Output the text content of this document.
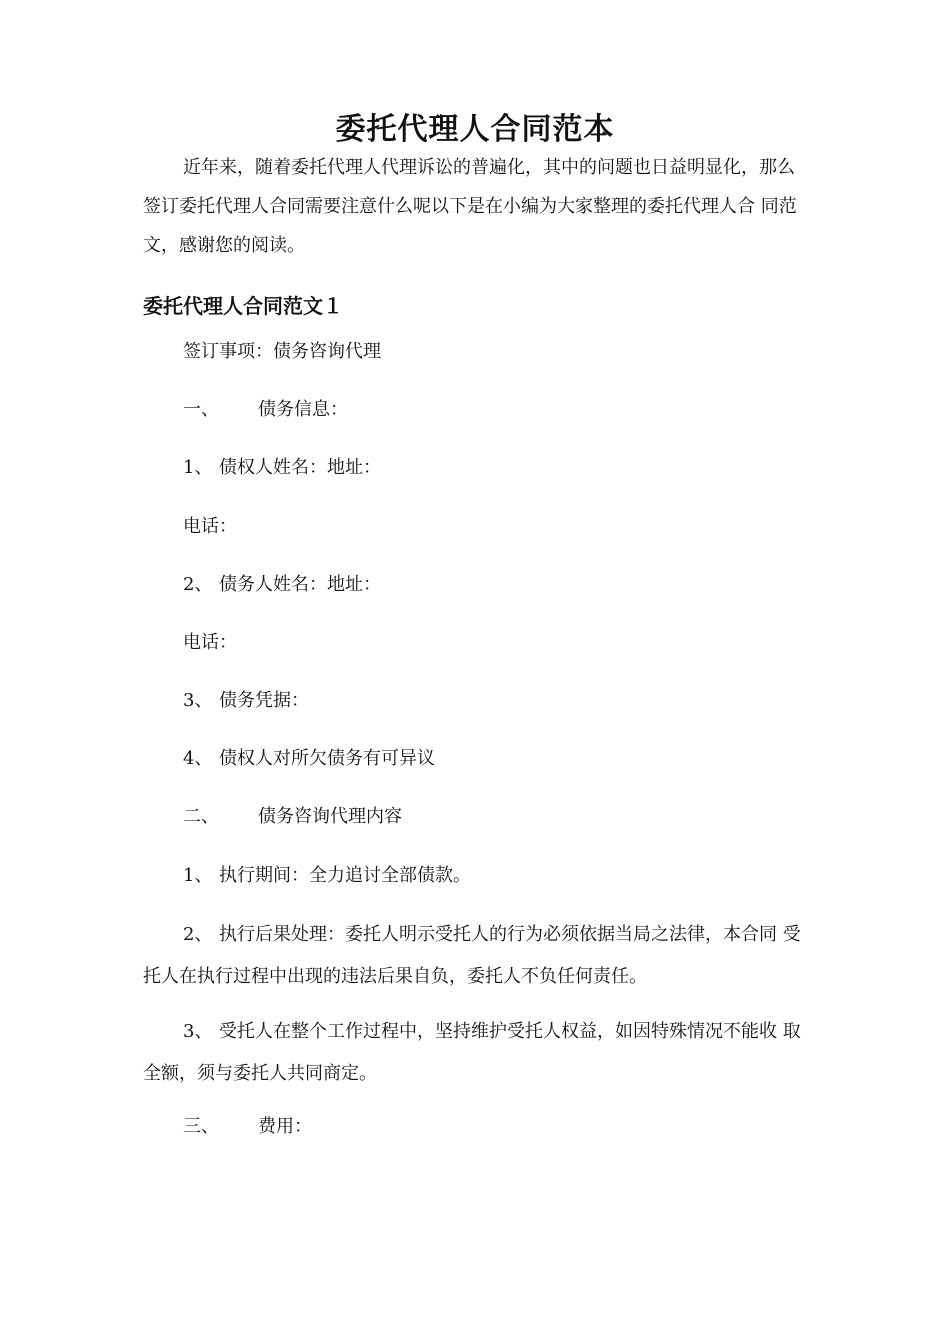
委托代理人合同范本

近年来，随着委托代理人代理诉讼的普遍化，其中的问题也日益明显化，那么 签订委托代理人合同需要注意什么呢以下是在小编为大家整理的委托代理人合 同范文，感谢您的阅读。

委托代理人合同范文１

签订事项：债务咨询代理

一、 债务信息：

1、 债权人姓名：地址：

电话：

2、 债务人姓名：地址：

电话：

3、 债务凭据：

4、 债权人对所欠债务有可异议

二、 债务咨询代理内容

1、 执行期间：全力追讨全部债款。

2、 执行后果处理：委托人明示受托人的行为必须依据当局之法律，本合同 受托人在执行过程中出现的违法后果自负，委托人不负任何责任。

3、 受托人在整个工作过程中，坚持维护受托人权益，如因特殊情况不能收 取全额，须与委托人共同商定。

三、 费用：
